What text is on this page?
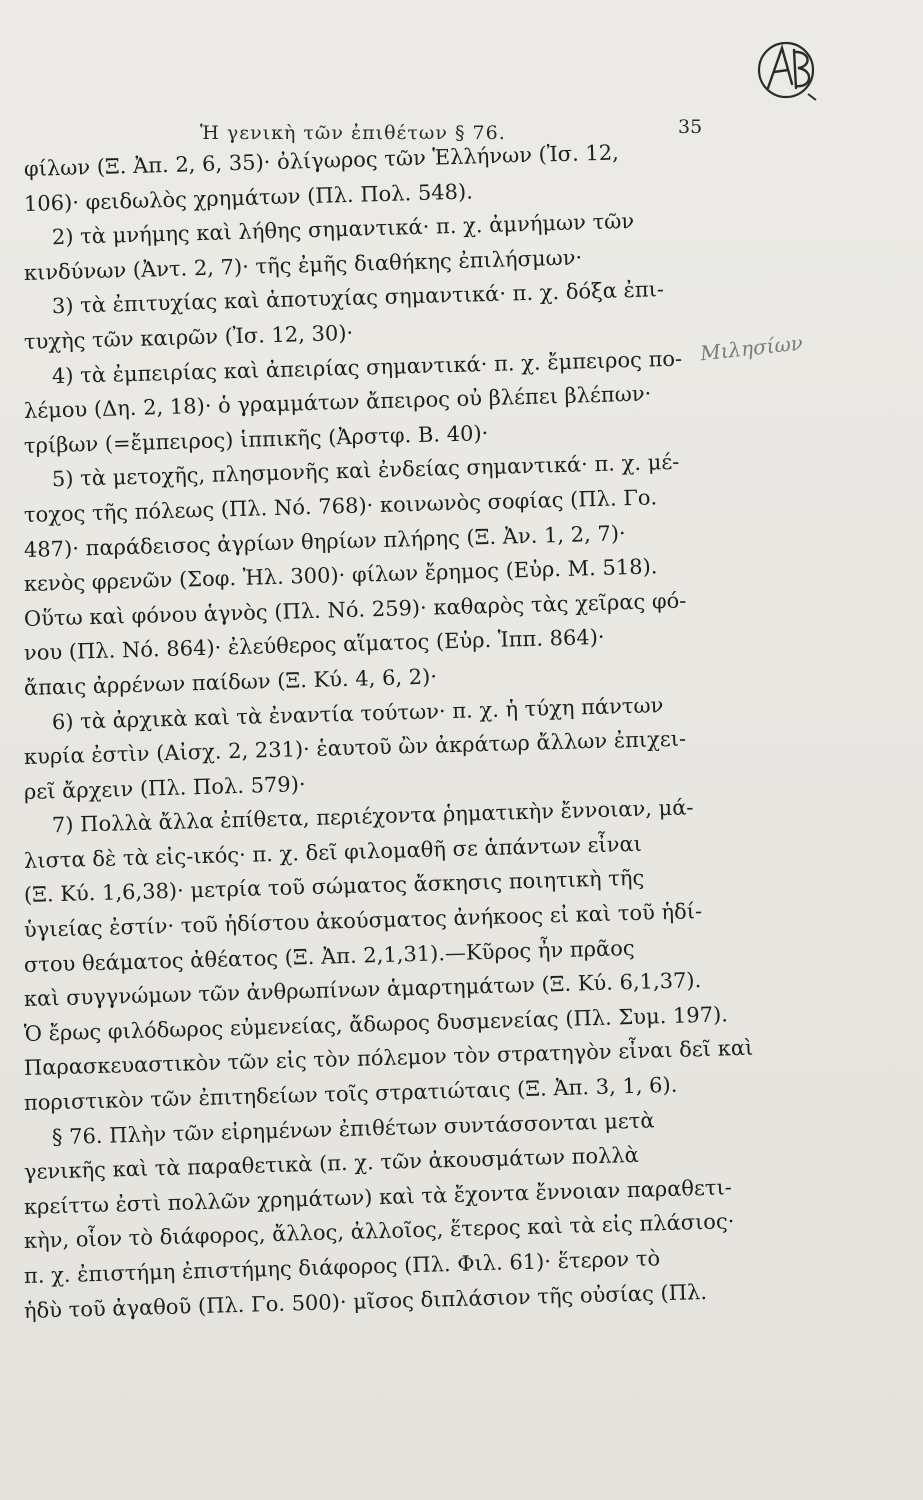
Ἡ γενικὴ τῶν ἐπιθέτων § 76.	35
Μιλησίων
φίλων (Ξ. Ἀπ. 2, 6, 35)· ὀλίγωρος τῶν Ἑλλήνων (Ἰσ. 12,
106)· φειδωλὸς χρημάτων (Πλ. Πολ. 548).
2) τὰ μνήμης καὶ λήθης σημαντικά· π. χ. ἀμνήμων τῶν
κινδύνων (Ἀντ. 2, 7)· τῆς ἐμῆς διαθήκης ἐπιλήσμων·
3) τὰ ἐπιτυχίας καὶ ἀποτυχίας σημαντικά· π. χ. δόξα ἐπι-
τυχὴς τῶν καιρῶν (Ἰσ. 12, 30)·
4) τὰ ἐμπειρίας καὶ ἀπειρίας σημαντικά· π. χ. ἔμπειρος πο-
λέμου (Δη. 2, 18)· ὁ γραμμάτων ἄπειρος οὐ βλέπει βλέπων·
τρίβων (=ἔμπειρος) ἱππικῆς (Ἀρστφ. Β. 40)·
5) τὰ μετοχῆς, πλησμονῆς καὶ ἐνδείας σημαντικά· π. χ. μέ-
τοχος τῆς πόλεως (Πλ. Νό. 768)· κοινωνὸς σοφίας (Πλ. Γο.
487)· παράδεισος ἀγρίων θηρίων πλήρης (Ξ. Ἀν. 1, 2, 7)·
κενὸς φρενῶν (Σοφ. Ἠλ. 300)· φίλων ἔρημος (Εὐρ. Μ. 518).
Οὕτω καὶ φόνου ἁγνὸς (Πλ. Νό. 259)· καθαρὸς τὰς χεῖρας φό-
νου (Πλ. Νό. 864)· ἐλεύθερος αἵματος (Εὐρ. Ἱππ. 864)·
ἄπαις ἀρρένων παίδων (Ξ. Κύ. 4, 6, 2)·
6) τὰ ἀρχικὰ καὶ τὰ ἐναντία τούτων· π. χ. ἡ τύχη πάντων
κυρία ἐστὶν (Αἰσχ. 2, 231)· ἑαυτοῦ ὢν ἀκράτωρ ἄλλων ἐπιχει-
ρεῖ ἄρχειν (Πλ. Πολ. 579)·
7) Πολλὰ ἄλλα ἐπίθετα, περιέχοντα ῥηματικὴν ἔννοιαν, μά-
λιστα δὲ τὰ εἰς-ικός· π. χ. δεῖ φιλομαθῆ σε ἁπάντων εἶναι
(Ξ. Κύ. 1,6,38)· μετρία τοῦ σώματος ἄσκησις ποιητικὴ τῆς
ὑγιείας ἐστίν· τοῦ ἡδίστου ἀκούσματος ἀνήκοος εἰ καὶ τοῦ ἡδί-
στου θεάματος ἀθέατος (Ξ. Ἀπ. 2,1,31).—Κῦρος ἦν πρᾶος
καὶ συγγνώμων τῶν ἀνθρωπίνων ἁμαρτημάτων (Ξ. Κύ. 6,1,37).
Ὁ ἔρως φιλόδωρος εὐμενείας, ἄδωρος δυσμενείας (Πλ. Συμ. 197).
Παρασκευαστικὸν τῶν εἰς τὸν πόλεμον τὸν στρατηγὸν εἶναι δεῖ καὶ
ποριστικὸν τῶν ἐπιτηδείων τοῖς στρατιώταις (Ξ. Ἀπ. 3, 1, 6).
§ 76. Πλὴν τῶν εἰρημένων ἐπιθέτων συντάσσονται μετὰ
γενικῆς καὶ τὰ παραθετικὰ (π. χ. τῶν ἀκουσμάτων πολλὰ
κρείττω ἐστὶ πολλῶν χρημάτων) καὶ τὰ ἔχοντα ἔννοιαν παραθετι-
κὴν, οἷον τὸ διάφορος, ἄλλος, ἀλλοῖος, ἕτερος καὶ τὰ εἰς πλάσιος·
π. χ. ἐπιστήμη ἐπιστήμης διάφορος (Πλ. Φιλ. 61)· ἕτερον τὸ
ἡδὺ τοῦ ἀγαθοῦ (Πλ. Γο. 500)· μῖσος διπλάσιον τῆς οὐσίας (Πλ.
